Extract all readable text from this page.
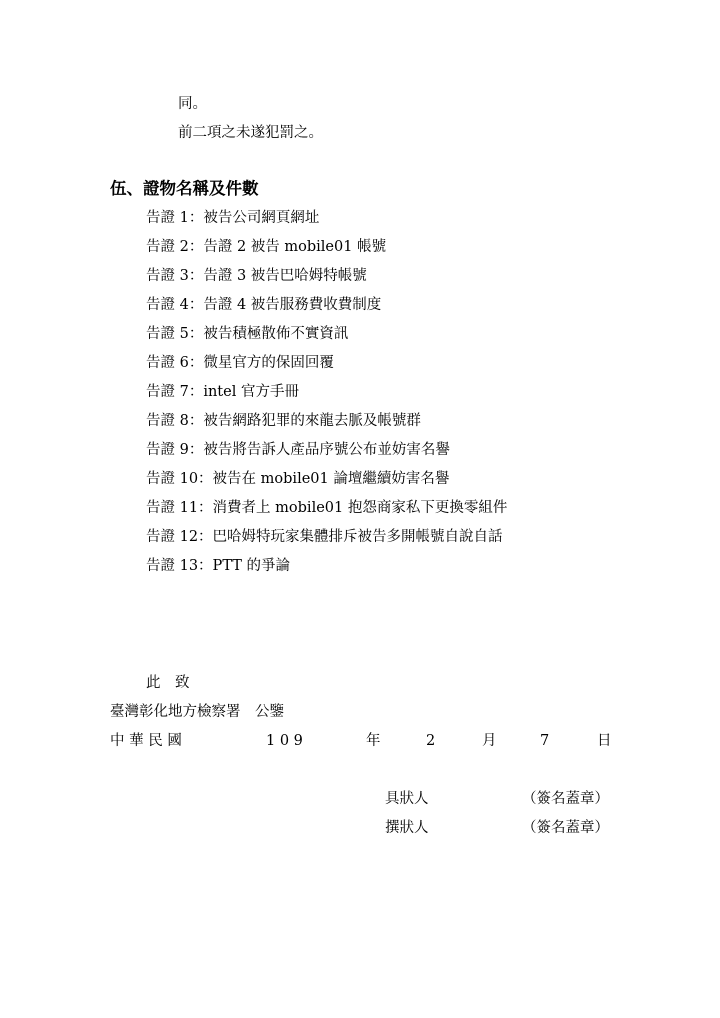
同。
前二項之未遂犯罰之。
伍、證物名稱及件數
告證 1：被告公司網頁網址
告證 2：告證 2 被告 mobile01 帳號
告證 3：告證 3 被告巴哈姆特帳號
告證 4：告證 4 被告服務費收費制度
告證 5：被告積極散佈不實資訊
告證 6：微星官方的保固回覆
告證 7：intel 官方手冊
告證 8：被告網路犯罪的來龍去脈及帳號群
告證 9：被告將告訴人產品序號公布並妨害名譽
告證 10：被告在 mobile01 論壇繼續妨害名譽
告證 11：消費者上 mobile01 抱怨商家私下更換零組件
告證 12：巴哈姆特玩家集體排斥被告多開帳號自說自話
告證 13：PTT 的爭論
此　致
臺灣彰化地方檢察署　公鑒
中 華 民 國	1 0 9	年	2	月	7	日
具狀人	（簽名蓋章）
撰狀人	（簽名蓋章）
